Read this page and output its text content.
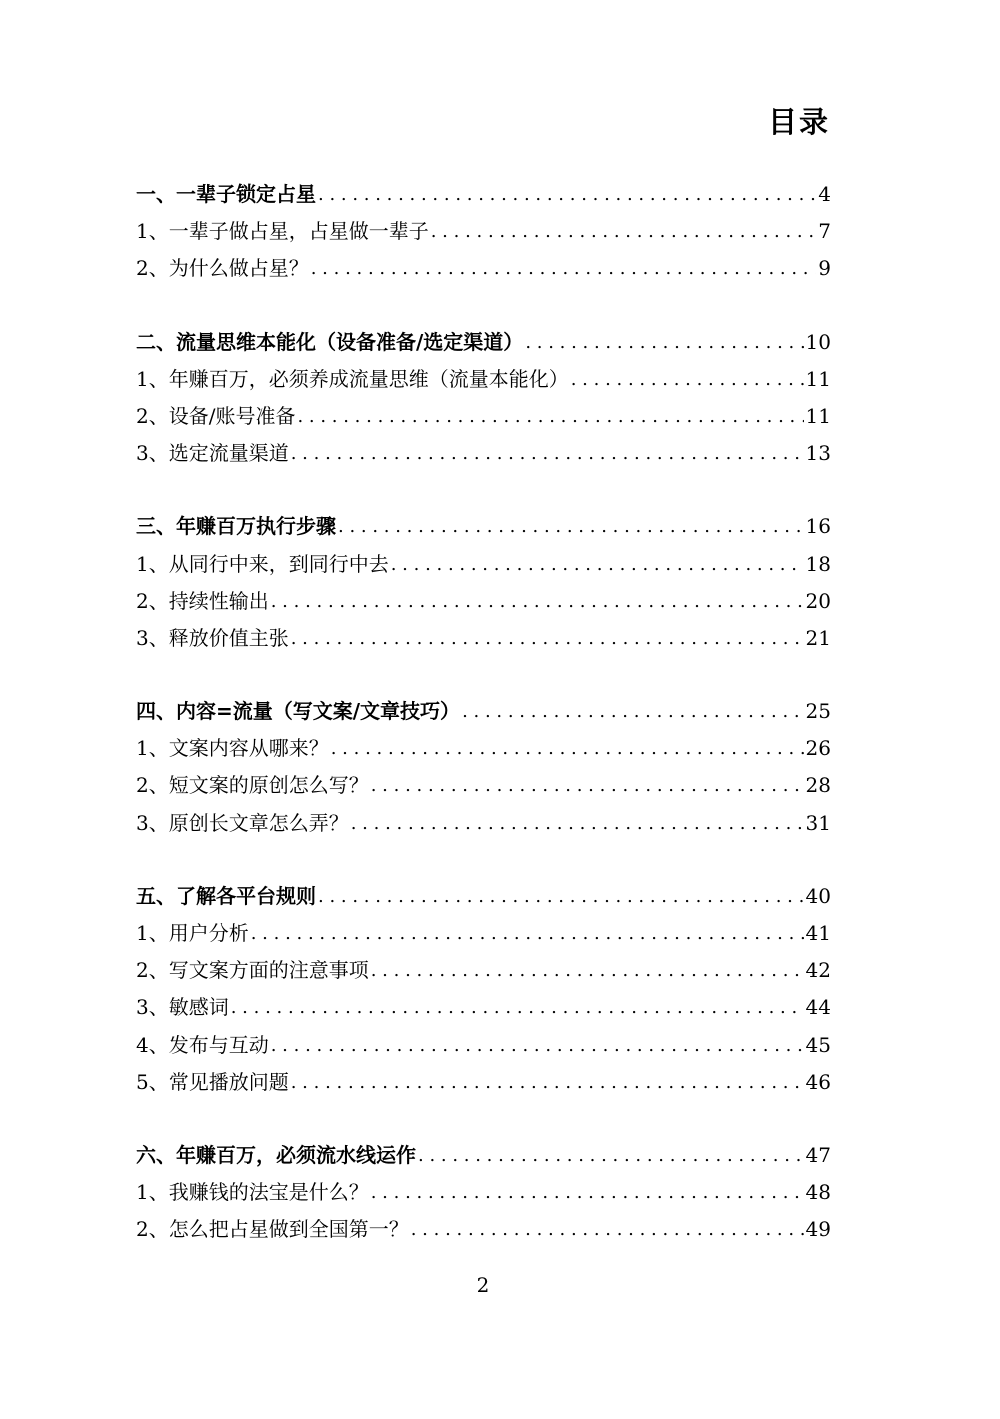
目录
一、一辈子锁定占星 . . .	4
1、一辈子做占星，占星做一辈子 . . .	7
2、为什么做占星？ . . .	9
二、流量思维本能化（设备准备/选定渠道） . . .	10
1、年赚百万，必须养成流量思维（流量本能化） . . .	11
2、设备/账号准备 . . .	11
3、选定流量渠道 . . .	13
三、年赚百万执行步骤 . . .	16
1、从同行中来，到同行中去 . . .	18
2、持续性输出 . . .	20
3、释放价值主张 . . .	21
四、内容=流量（写文案/文章技巧） . . .	25
1、文案内容从哪来？ . . .	26
2、短文案的原创怎么写？ . . .	28
3、原创长文章怎么弄？ . . .	31
五、了解各平台规则 . . .	40
1、用户分析 . . .	41
2、写文案方面的注意事项 . . .	42
3、敏感词 . . .	44
4、发布与互动 . . .	45
5、常见播放问题 . . .	46
六、年赚百万，必须流水线运作 . . .	47
1、我赚钱的法宝是什么？ . . .	48
2、怎么把占星做到全国第一？ . . .	49
2
